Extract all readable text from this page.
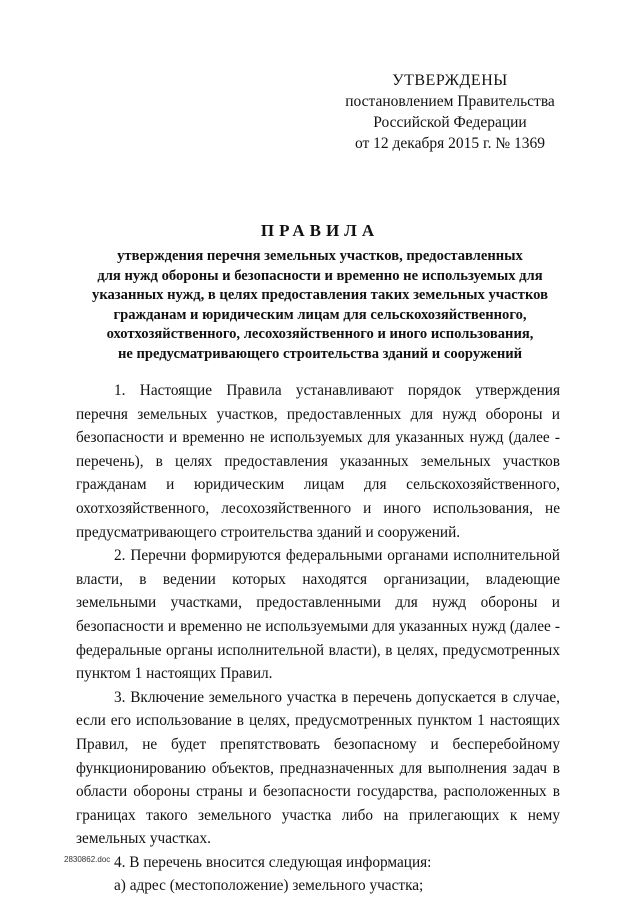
УТВЕРЖДЕНЫ
постановлением Правительства
Российской Федерации
от 12 декабря 2015 г. № 1369
ПРАВИЛА
утверждения перечня земельных участков, предоставленных
для нужд обороны и безопасности и временно не используемых для
указанных нужд, в целях предоставления таких земельных участков
гражданам и юридическим лицам для сельскохозяйственного,
охотхозяйственного, лесохозяйственного и иного использования,
не предусматривающего строительства зданий и сооружений

1. Настоящие Правила устанавливают порядок утверждения перечня земельных участков, предоставленных для нужд обороны и безопасности и временно не используемых для указанных нужд (далее - перечень), в целях предоставления указанных земельных участков гражданам и юридическим лицам для сельскохозяйственного, охотхозяйственного, лесохозяйственного и иного использования, не предусматривающего строительства зданий и сооружений.

2. Перечни формируются федеральными органами исполнительной власти, в ведении которых находятся организации, владеющие земельными участками, предоставленными для нужд обороны и безопасности и временно не используемыми для указанных нужд (далее - федеральные органы исполнительной власти), в целях, предусмотренных пунктом 1 настоящих Правил.

3. Включение земельного участка в перечень допускается в случае, если его использование в целях, предусмотренных пунктом 1 настоящих Правил, не будет препятствовать безопасному и бесперебойному функционированию объектов, предназначенных для выполнения задач в области обороны страны и безопасности государства, расположенных в границах такого земельного участка либо на прилегающих к нему земельных участках.

4. В перечень вносится следующая информация:

а) адрес (местоположение) земельного участка;

2830862.doc
